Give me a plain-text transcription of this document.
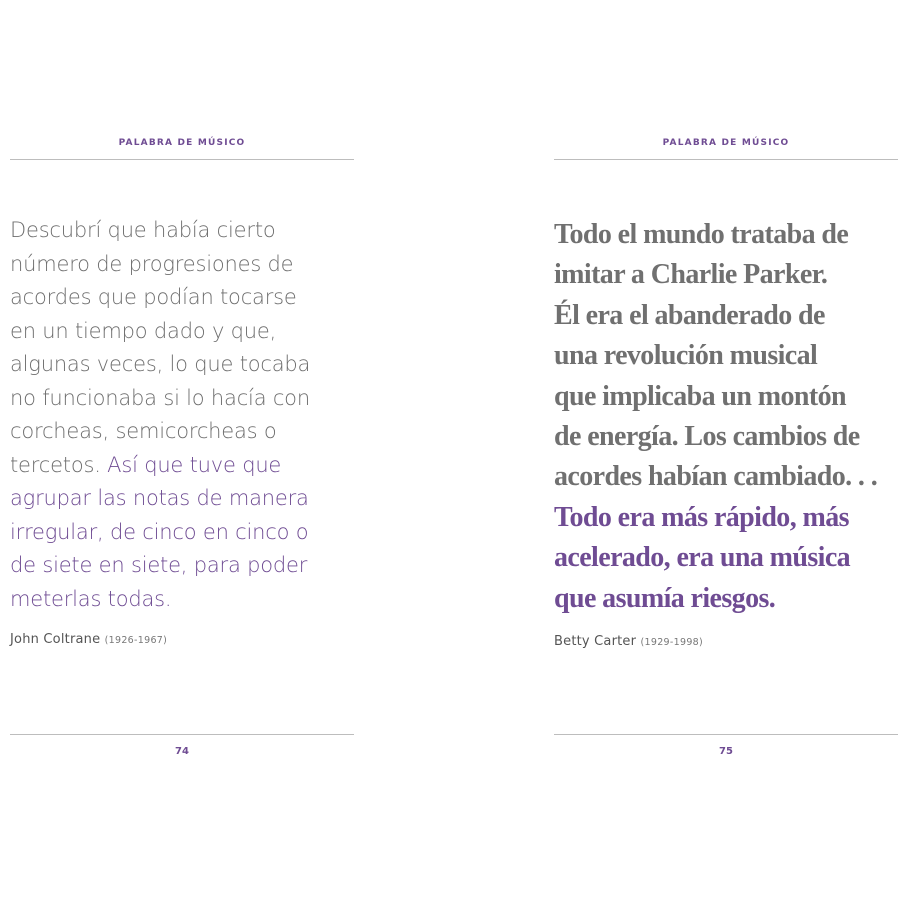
PALABRA DE MÚSICO
Descubrí que había cierto
número de progresiones de
acordes que podían tocarse
en un tiempo dado y que,
algunas veces, lo que tocaba
no funcionaba si lo hacía con
corcheas, semicorcheas o
tercetos. Así que tuve que
agrupar las notas de manera
irregular, de cinco en cinco o
de siete en siete, para poder
meterlas todas.
John Coltrane (1926-1967)
74
PALABRA DE MÚSICO
Todo el mundo trataba de
imitar a Charlie Parker.
Él era el abanderado de
una revolución musical
que implicaba un montón
de energía. Los cambios de
acordes habían cambiado. . .
Todo era más rápido, más
acelerado, era una música
que asumía riesgos.
Betty Carter (1929-1998)
75
